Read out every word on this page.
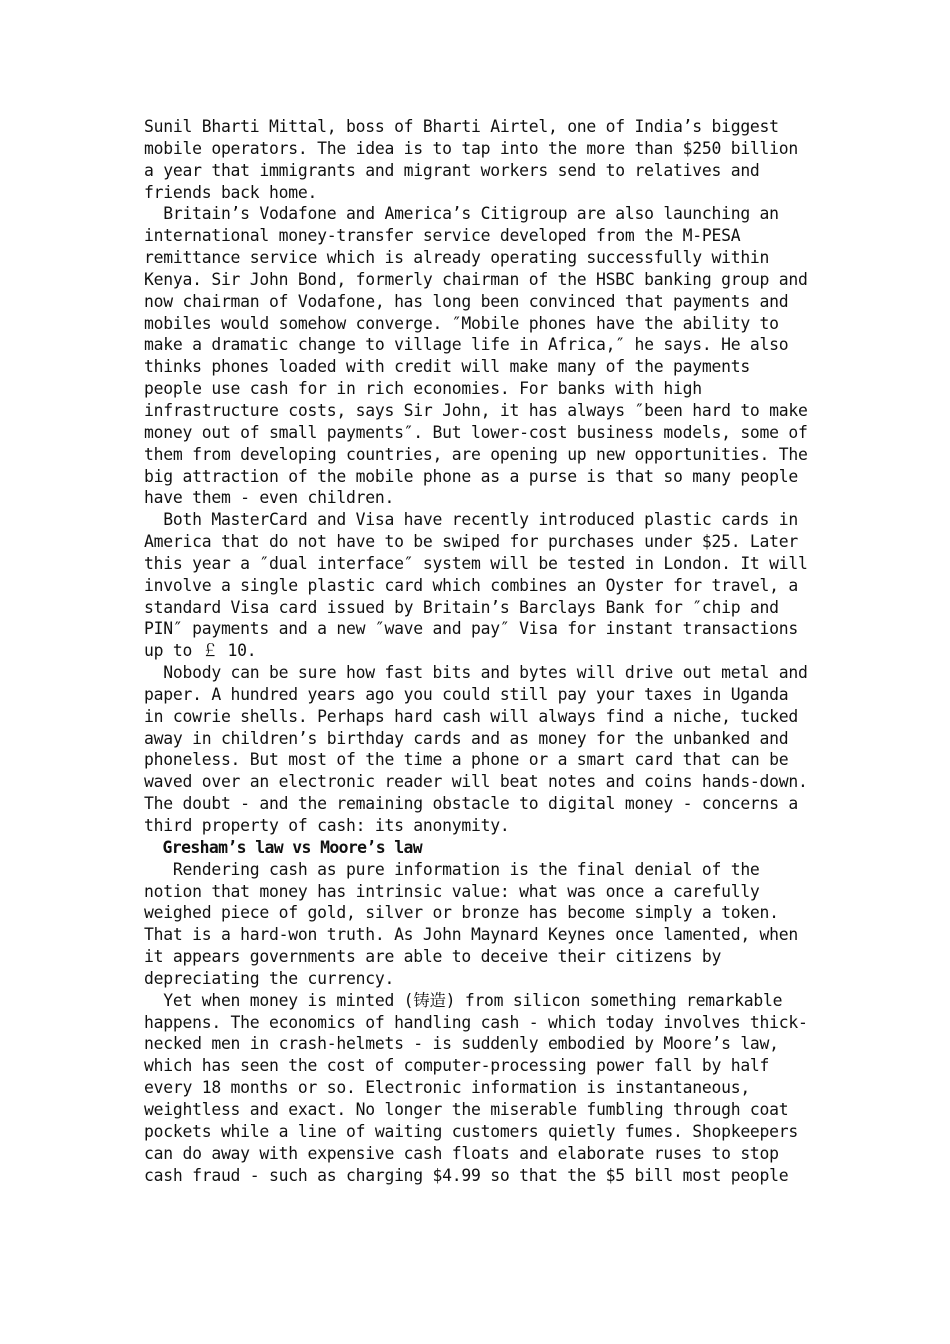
Sunil Bharti Mittal, boss of Bharti Airtel, one of India’s biggest
mobile operators. The idea is to tap into the more than $250 billion
a year that immigrants and migrant workers send to relatives and
friends back home.
Britain’s Vodafone and America’s Citigroup are also launching an
international money-transfer service developed from the M-PESA
remittance service which is already operating successfully within
Kenya. Sir John Bond, formerly chairman of the HSBC banking group and
now chairman of Vodafone, has long been convinced that payments and
mobiles would somehow converge. ″Mobile phones have the ability to
make a dramatic change to village life in Africa,″ he says. He also
thinks phones loaded with credit will make many of the payments
people use cash for in rich economies. For banks with high
infrastructure costs, says Sir John, it has always ″been hard to make
money out of small payments″. But lower-cost business models, some of
them from developing countries, are opening up new opportunities. The
big attraction of the mobile phone as a purse is that so many people
have them - even children.
Both MasterCard and Visa have recently introduced plastic cards in
America that do not have to be swiped for purchases under $25. Later
this year a ″dual interface″ system will be tested in London. It will
involve a single plastic card which combines an Oyster for travel, a
standard Visa card issued by Britain’s Barclays Bank for ″chip and
PIN″ payments and a new ″wave and pay″ Visa for instant transactions
up to ￡ 10.
Nobody can be sure how fast bits and bytes will drive out metal and
paper. A hundred years ago you could still pay your taxes in Uganda
in cowrie shells. Perhaps hard cash will always find a niche, tucked
away in children’s birthday cards and as money for the unbanked and
phoneless. But most of the time a phone or a smart card that can be
waved over an electronic reader will beat notes and coins hands-down.
The doubt - and the remaining obstacle to digital money - concerns a
third property of cash: its anonymity.
Gresham’s law vs Moore’s law
Rendering cash as pure information is the final denial of the
notion that money has intrinsic value: what was once a carefully
weighed piece of gold, silver or bronze has become simply a token.
That is a hard-won truth. As John Maynard Keynes once lamented, when
it appears governments are able to deceive their citizens by
depreciating the currency.
Yet when money is minted (铸造) from silicon something remarkable
happens. The economics of handling cash - which today involves thick-
necked men in crash-helmets - is suddenly embodied by Moore’s law,
which has seen the cost of computer-processing power fall by half
every 18 months or so. Electronic information is instantaneous,
weightless and exact. No longer the miserable fumbling through coat
pockets while a line of waiting customers quietly fumes. Shopkeepers
can do away with expensive cash floats and elaborate ruses to stop
cash fraud - such as charging $4.99 so that the $5 bill most people
